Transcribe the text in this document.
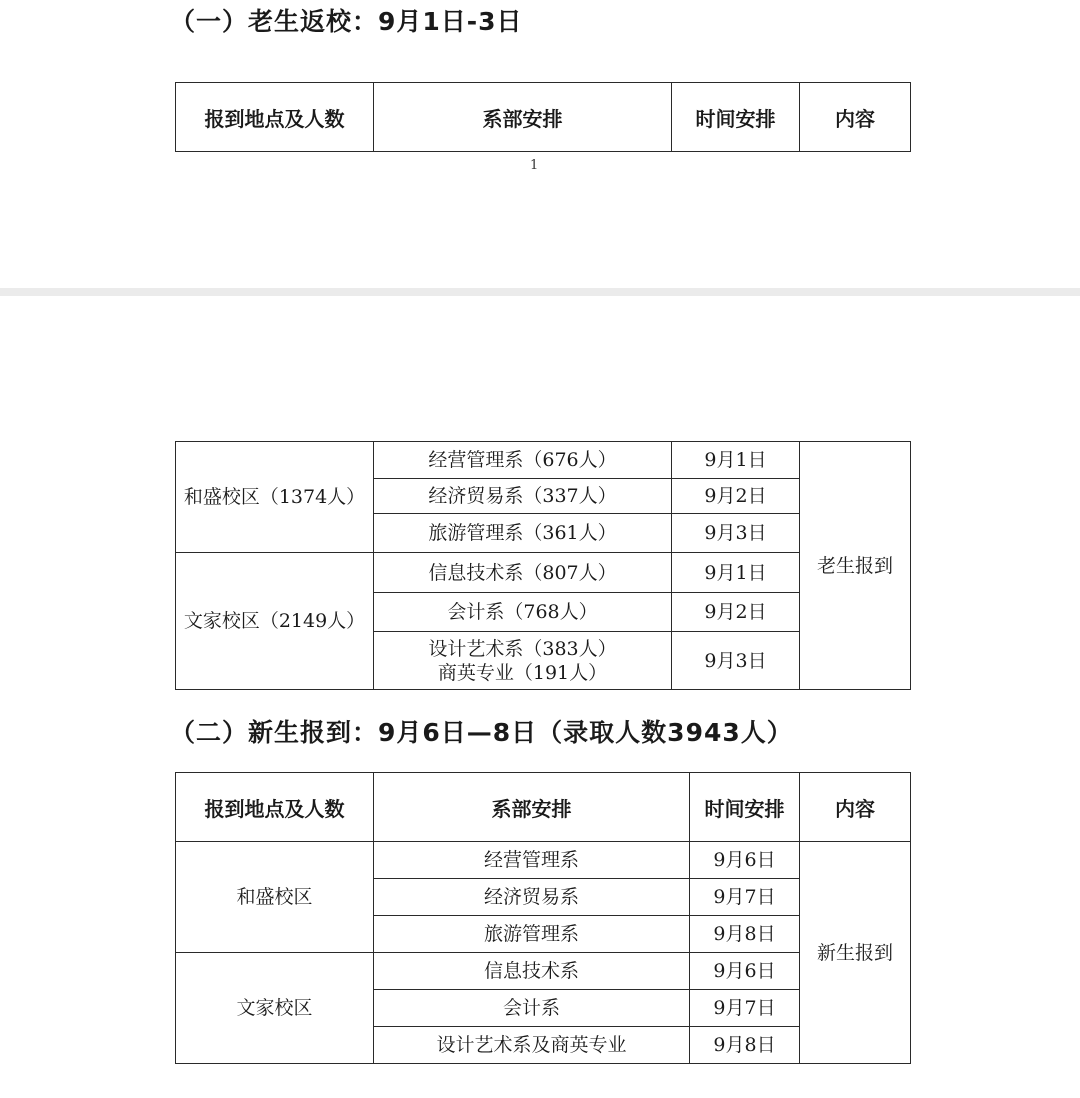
（一）老生返校：9月1日-3日
报到地点及人数	系部安排	时间安排	内容
1
和盛校区（1374人）	经营管理系（676人）	9月1日	老生报到
	经济贸易系（337人）	9月2日	
	旅游管理系（361人）	9月3日	
文家校区（2149人）	信息技术系（807人）	9月1日	
	会计系（768人）	9月2日	

	设计艺术系（383人）
商英专业（191人）	9月3日	
（二）新生报到：9月6日—8日（录取人数3943人）
报到地点及人数	系部安排	时间安排	内容
和盛校区	经营管理系	9月6日	新生报到
	经济贸易系	9月7日	
	旅游管理系	9月8日	
文家校区	信息技术系	9月6日	
	会计系	9月7日	
	设计艺术系及商英专业	9月8日	
